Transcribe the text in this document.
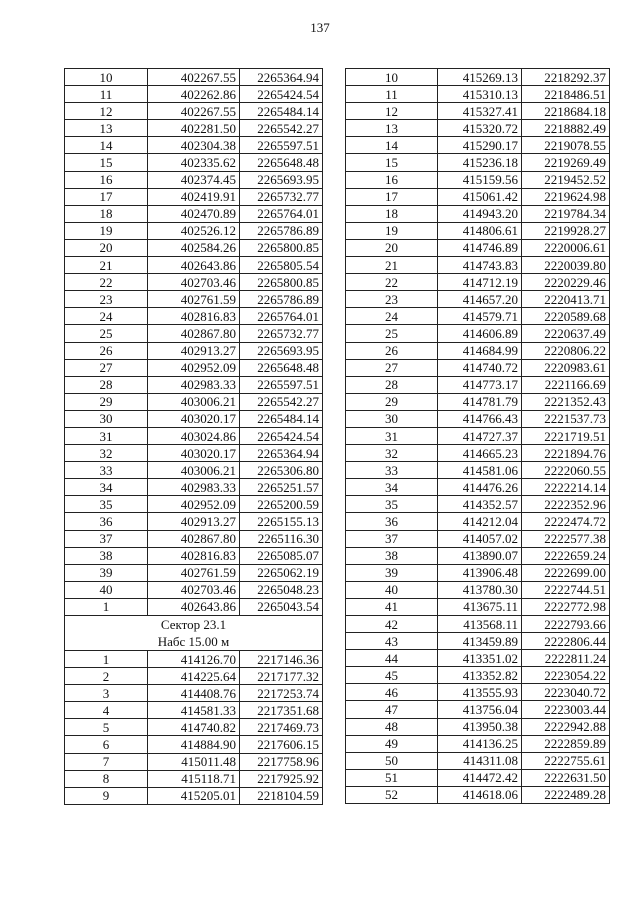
137
10	402267.55	2265364.94
11	402262.86	2265424.54
12	402267.55	2265484.14
13	402281.50	2265542.27
14	402304.38	2265597.51
15	402335.62	2265648.48
16	402374.45	2265693.95
17	402419.91	2265732.77
18	402470.89	2265764.01
19	402526.12	2265786.89
20	402584.26	2265800.85
21	402643.86	2265805.54
22	402703.46	2265800.85
23	402761.59	2265786.89
24	402816.83	2265764.01
25	402867.80	2265732.77
26	402913.27	2265693.95
27	402952.09	2265648.48
28	402983.33	2265597.51
29	403006.21	2265542.27
30	403020.17	2265484.14
31	403024.86	2265424.54
32	403020.17	2265364.94
33	403006.21	2265306.80
34	402983.33	2265251.57
35	402952.09	2265200.59
36	402913.27	2265155.13
37	402867.80	2265116.30
38	402816.83	2265085.07
39	402761.59	2265062.19
40	402703.46	2265048.23
1	402643.86	2265043.54

Сектор 23.1
Набс 15.00 м		

1	414126.70	2217146.36
2	414225.64	2217177.32
3	414408.76	2217253.74
4	414581.33	2217351.68
5	414740.82	2217469.73
6	414884.90	2217606.15
7	415011.48	2217758.96
8	415118.71	2217925.92
9	415205.01	2218104.59
10	415269.13	2218292.37
11	415310.13	2218486.51
12	415327.41	2218684.18
13	415320.72	2218882.49
14	415290.17	2219078.55
15	415236.18	2219269.49
16	415159.56	2219452.52
17	415061.42	2219624.98
18	414943.20	2219784.34
19	414806.61	2219928.27
20	414746.89	2220006.61
21	414743.83	2220039.80
22	414712.19	2220229.46
23	414657.20	2220413.71
24	414579.71	2220589.68
25	414606.89	2220637.49
26	414684.99	2220806.22
27	414740.72	2220983.61
28	414773.17	2221166.69
29	414781.79	2221352.43
30	414766.43	2221537.73
31	414727.37	2221719.51
32	414665.23	2221894.76
33	414581.06	2222060.55
34	414476.26	2222214.14
35	414352.57	2222352.96
36	414212.04	2222474.72
37	414057.02	2222577.38
38	413890.07	2222659.24
39	413906.48	2222699.00
40	413780.30	2222744.51
41	413675.11	2222772.98
42	413568.11	2222793.66
43	413459.89	2222806.44
44	413351.02	2222811.24
45	413352.82	2223054.22
46	413555.93	2223040.72
47	413756.04	2223003.44
48	413950.38	2222942.88
49	414136.25	2222859.89
50	414311.08	2222755.61
51	414472.42	2222631.50
52	414618.06	2222489.28
